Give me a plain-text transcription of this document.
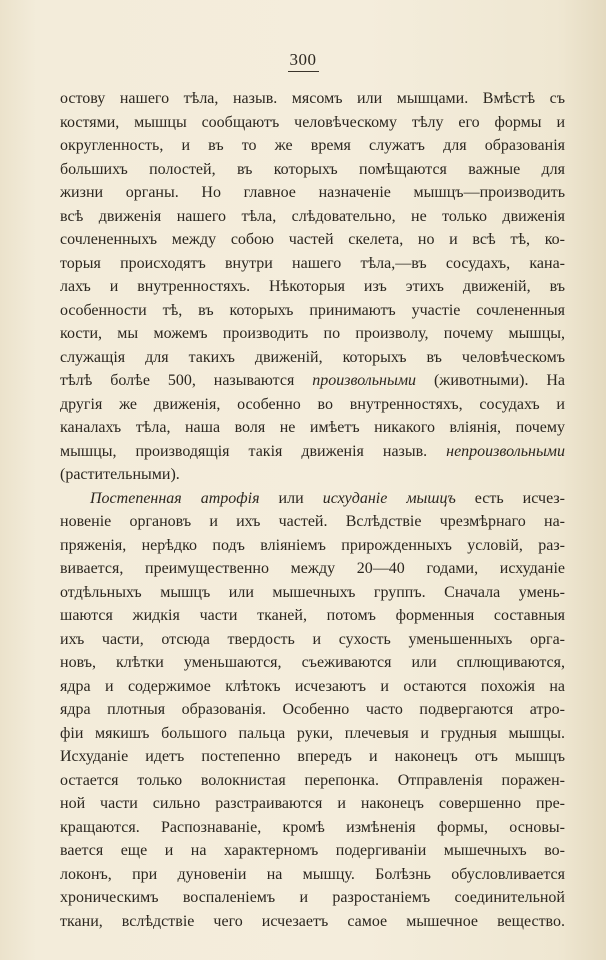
300
остову нашего тѣла, назыв. мясомъ или мышцами. Вмѣстѣ съ
костями, мышцы сообщаютъ человѣческому тѣлу его формы и
округленность, и въ то же время служатъ для образованія
большихъ полостей, въ которыхъ помѣщаются важные для
жизни органы. Но главное назначеніе мышцъ—производить
всѣ движенія нашего тѣла, слѣдовательно, не только движенія
сочлененныхъ между собою частей скелета, но и всѣ тѣ, ко-
торыя происходятъ внутри нашего тѣла,—въ сосудахъ, кана-
лахъ и внутренностяхъ. Нѣкоторыя изъ этихъ движеній, въ
особенности тѣ, въ которыхъ принимаютъ участіе сочлененныя
кости, мы можемъ производить по произволу, почему мышцы,
служащія для такихъ движеній, которыхъ въ человѣческомъ
тѣлѣ болѣе 500, называются произвольными (животными). На
другія же движенія, особенно во внутренностяхъ, сосудахъ и
каналахъ тѣла, наша воля не имѣетъ никакого вліянія, почему
мышцы, производящія такія движенія назыв. непроизвольными
(растительными).
Постепенная атрофія или исхуданіе мышцъ есть исчез-
новеніе органовъ и ихъ частей. Вслѣдствіе чрезмѣрнаго на-
пряженія, нерѣдко подъ вліяніемъ прирожденныхъ условій, раз-
вивается, преимущественно между 20—40 годами, исхуданіе
отдѣльныхъ мышцъ или мышечныхъ группъ. Сначала умень-
шаются жидкія части тканей, потомъ форменныя составныя
ихъ части, отсюда твердость и сухость уменьшенныхъ орга-
новъ, клѣтки уменьшаются, съеживаются или сплющиваются,
ядра и содержимое клѣтокъ исчезаютъ и остаются похожія на
ядра плотныя образованія. Особенно часто подвергаются атро-
фіи мякишъ большого пальца руки, плечевыя и грудныя мышцы.
Исхуданіе идетъ постепенно впередъ и наконецъ отъ мышцъ
остается только волокнистая перепонка. Отправленія поражен-
ной части сильно разстраиваются и наконецъ совершенно пре-
кращаются. Распознаваніе, кромѣ измѣненія формы, основы-
вается еще и на характерномъ подергиваніи мышечныхъ во-
локонъ, при дуновеніи на мышцу. Болѣзнь обусловливается
хроническимъ воспаленіемъ и разростаніемъ соединительной
ткани, вслѣдствіе чего исчезаетъ самое мышечное вещество.
